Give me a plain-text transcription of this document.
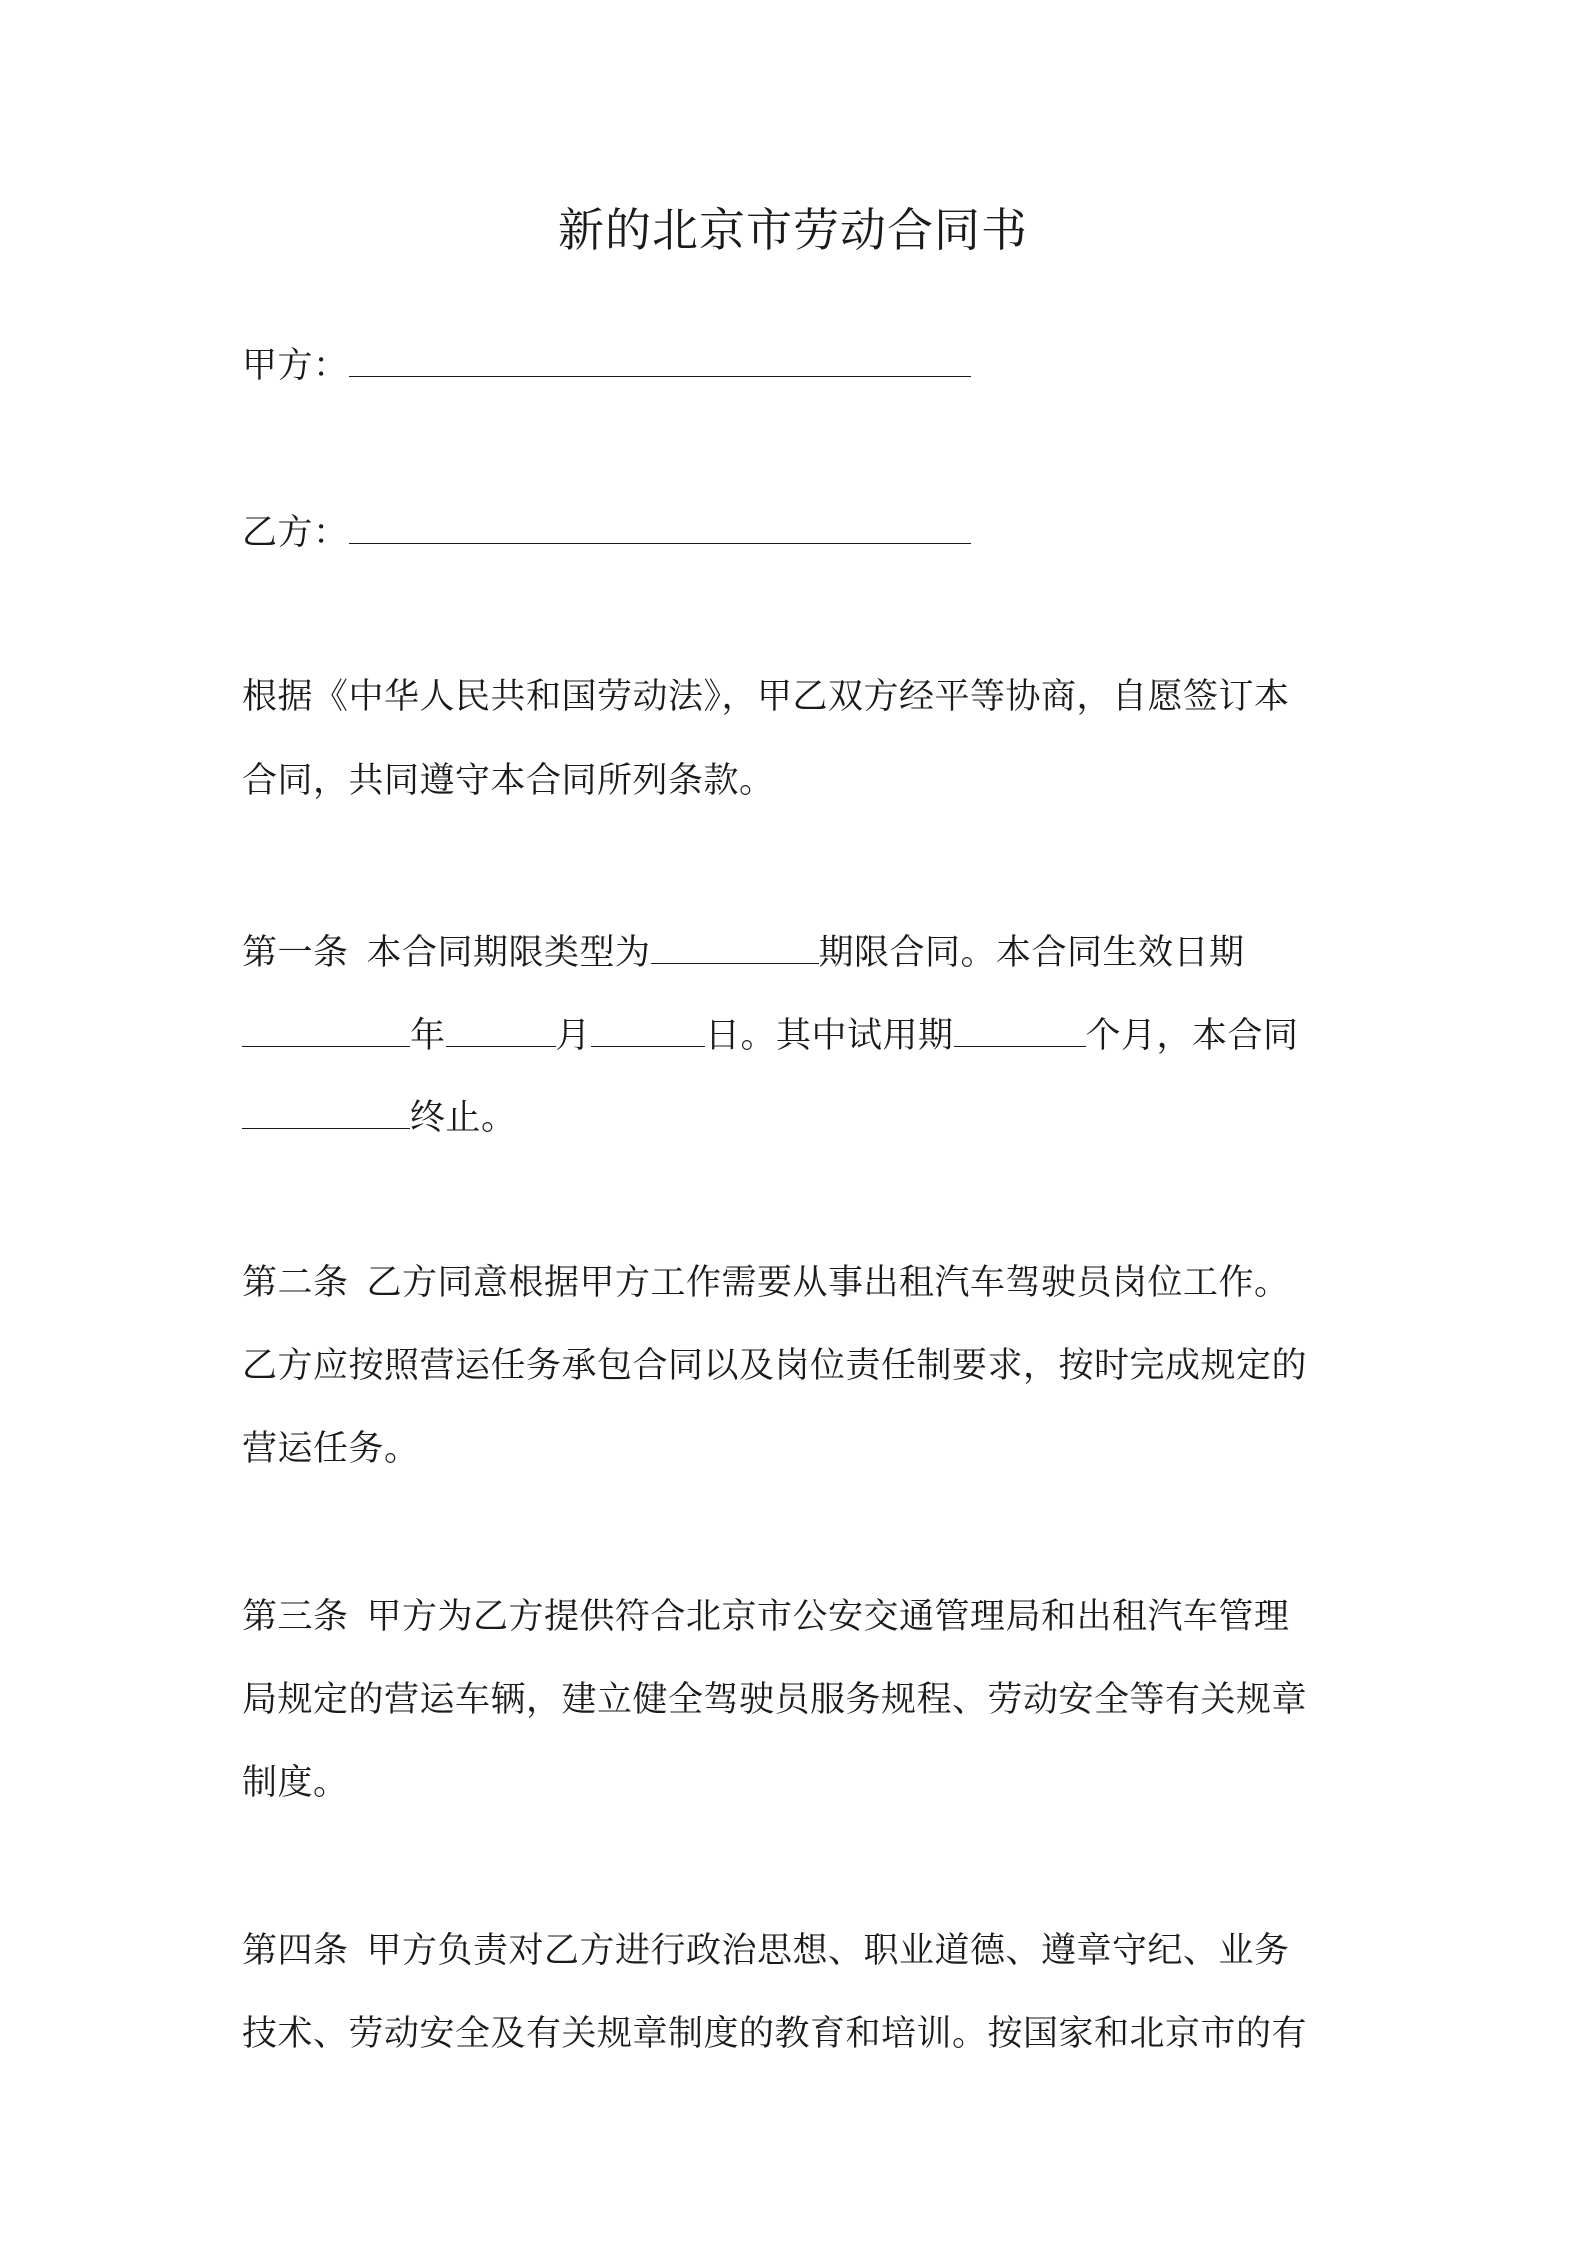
新的北京市劳动合同书
甲方：
乙方：
根据《中华人民共和国劳动法》，甲乙双方经平等协商，自愿签订本
合同，共同遵守本合同所列条款。
第一条 本合同期限类型为	期限合同。本合同生效日期
年	月	日。其中试用期	个月，本合同
终止。
第二条 乙方同意根据甲方工作需要从事出租汽车驾驶员岗位工作。
乙方应按照营运任务承包合同以及岗位责任制要求，按时完成规定的
营运任务。
第三条 甲方为乙方提供符合北京市公安交通管理局和出租汽车管理
局规定的营运车辆，建立健全驾驶员服务规程、劳动安全等有关规章
制度。
第四条 甲方负责对乙方进行政治思想、职业道德、遵章守纪、业务
技术、劳动安全及有关规章制度的教育和培训。按国家和北京市的有
